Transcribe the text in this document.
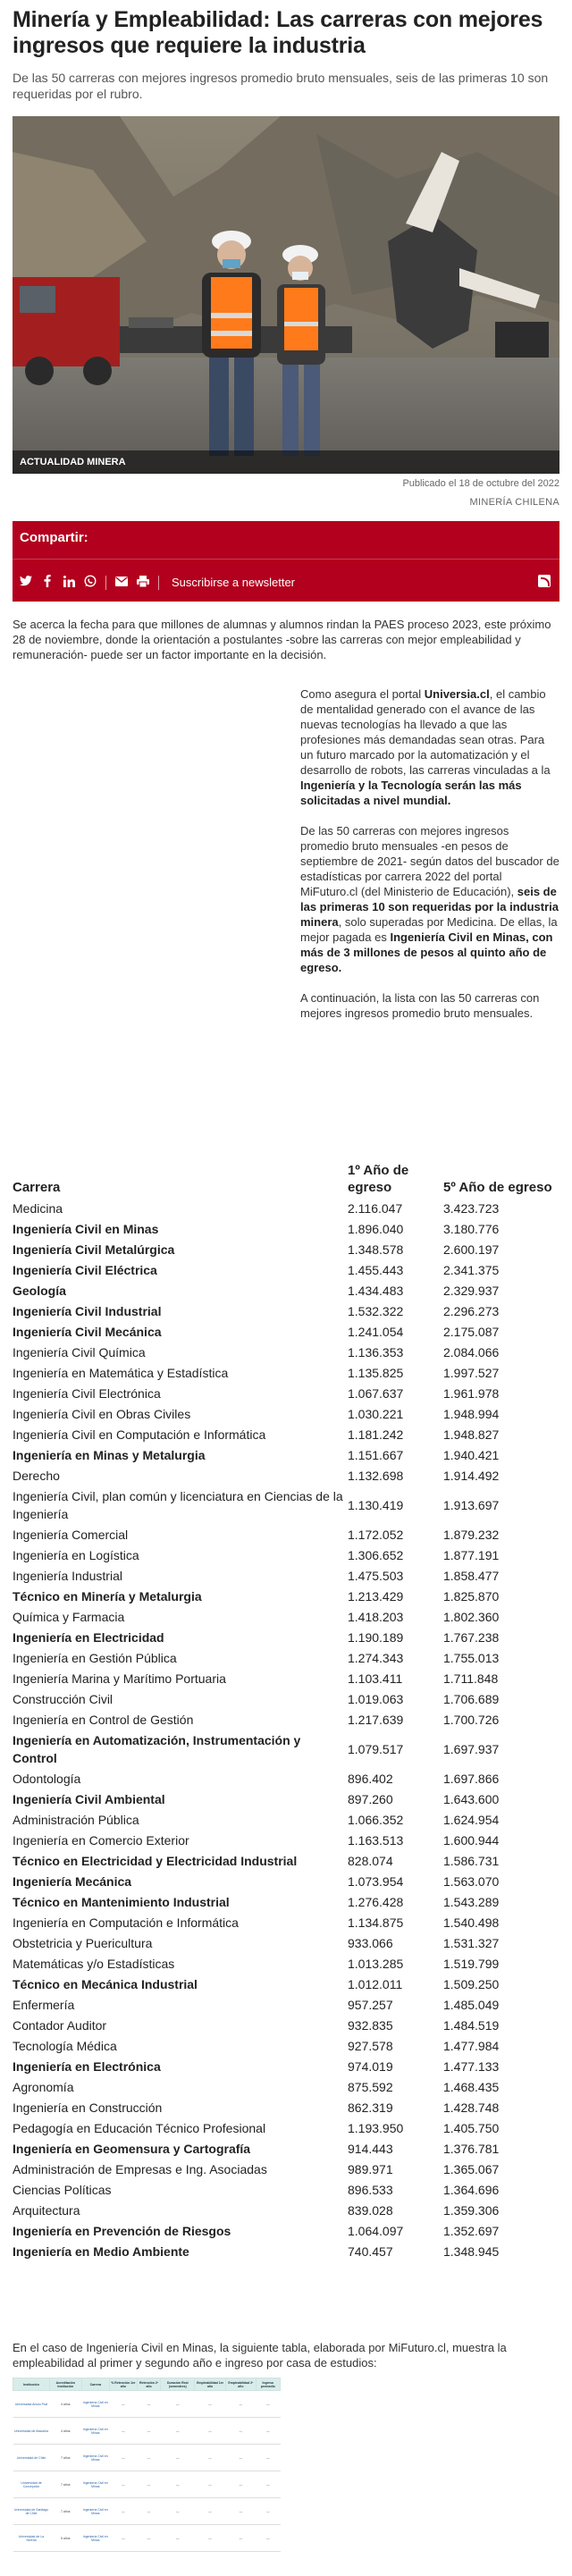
Minería y Empleabilidad: Las carreras con mejores ingresos que requiere la industria

De las 50 carreras con mejores ingresos promedio bruto mensuales, seis de las primeras 10 son requeridas por el rubro.

ACTUALIDAD MINERA
Publicado el 18 de octubre del 2022
MINERÍA CHILENA
Compartir:
Suscribirse a newsletter

Se acerca la fecha para que millones de alumnas y alumnos rindan la PAES proceso 2023, este próximo 28 de noviembre, donde la orientación a postulantes -sobre las carreras con mejor empleabilidad y remuneración- puede ser un factor importante en la decisión.

Como asegura el portal Universia.cl, el cambio de mentalidad generado con el avance de las nuevas tecnologías ha llevado a que las profesiones más demandadas sean otras. Para un futuro marcado por la automatización y el desarrollo de robots, las carreras vinculadas a la Ingeniería y la Tecnología serán las más solicitadas a nivel mundial.

De las 50 carreras con mejores ingresos promedio bruto mensuales -en pesos de septiembre de 2021- según datos del buscador de estadísticas por carrera 2022 del portal MiFuturo.cl (del Ministerio de Educación), seis de las primeras 10 son requeridas por la industria minera, solo superadas por Medicina. De ellas, la mejor pagada es Ingeniería Civil en Minas, con más de 3 millones de pesos al quinto año de egreso.

A continuación, la lista con las 50 carreras con mejores ingresos promedio bruto mensuales.

Carrera	1º Año de egreso	5º Año de egreso
Medicina	2.116.047	3.423.723
Ingeniería Civil en Minas	1.896.040	3.180.776
Ingeniería Civil Metalúrgica	1.348.578	2.600.197
Ingeniería Civil Eléctrica	1.455.443	2.341.375
Geología	1.434.483	2.329.937
Ingeniería Civil Industrial	1.532.322	2.296.273
Ingeniería Civil Mecánica	1.241.054	2.175.087
Ingeniería Civil Química	1.136.353	2.084.066
Ingeniería en Matemática y Estadística	1.135.825	1.997.527
Ingeniería Civil Electrónica	1.067.637	1.961.978
Ingeniería Civil en Obras Civiles	1.030.221	1.948.994
Ingeniería Civil en Computación e Informática	1.181.242	1.948.827
Ingeniería en Minas y Metalurgia	1.151.667	1.940.421
Derecho	1.132.698	1.914.492
Ingeniería Civil, plan común y licenciatura en Ciencias de la Ingeniería	1.130.419	1.913.697
Ingeniería Comercial	1.172.052	1.879.232
Ingeniería en Logística	1.306.652	1.877.191
Ingeniería Industrial	1.475.503	1.858.477
Técnico en Minería y Metalurgia	1.213.429	1.825.870
Química y Farmacia	1.418.203	1.802.360
Ingeniería en Electricidad	1.190.189	1.767.238
Ingeniería en Gestión Pública	1.274.343	1.755.013
Ingeniería Marina y Marítimo Portuaria	1.103.411	1.711.848
Construcción Civil	1.019.063	1.706.689
Ingeniería en Control de Gestión	1.217.639	1.700.726
Ingeniería en Automatización, Instrumentación y Control	1.079.517	1.697.937
Odontología	896.402	1.697.866
Ingeniería Civil Ambiental	897.260	1.643.600
Administración Pública	1.066.352	1.624.954
Ingeniería en Comercio Exterior	1.163.513	1.600.944
Técnico en Electricidad y Electricidad Industrial	828.074	1.586.731
Ingeniería Mecánica	1.073.954	1.563.070
Técnico en Mantenimiento Industrial	1.276.428	1.543.289
Ingeniería en Computación e Informática	1.134.875	1.540.498
Obstetricia y Puericultura	933.066	1.531.327
Matemáticas y/o Estadísticas	1.013.285	1.519.799
Técnico en Mecánica Industrial	1.012.011	1.509.250
Enfermería	957.257	1.485.049
Contador Auditor	932.835	1.484.519
Tecnología Médica	927.578	1.477.984
Ingeniería en Electrónica	974.019	1.477.133
Agronomía	875.592	1.468.435
Ingeniería en Construcción	862.319	1.428.748
Pedagogía en Educación Técnico Profesional	1.193.950	1.405.750
Ingeniería en Geomensura y Cartografía	914.443	1.376.781
Administración de Empresas e Ing. Asociadas	989.971	1.365.067
Ciencias Políticas	896.533	1.364.696
Arquitectura	839.028	1.359.306
Ingeniería en Prevención de Riesgos	1.064.097	1.352.697
Ingeniería en Medio Ambiente	740.457	1.348.945

En el caso de Ingeniería Civil en Minas, la siguiente tabla, elaborada por MiFuturo.cl, muestra la empleabilidad al primer y segundo año e ingreso por casa de estudios:

Institución	Acreditación Institución	Carrera	% Retención 1er año	Retención 2º año	Duración Real (semestres)	Empleabilidad 1er año	Empleabilidad 2º año	Ingreso promedio
Universidad Arturo Prat	4 años	Ingeniería Civil en Minas	—	—	—	—	—	—
Universidad de Atacama	4 años	Ingeniería Civil en Minas	—	—	—	—	—	—
Universidad de Chile	7 años	Ingeniería Civil en Minas	—	—	—	—	—	—
Universidad de Concepción	7 años	Ingeniería Civil en Minas	—	—	—	—	—	—
Universidad de Santiago de Chile	7 años	Ingeniería Civil en Minas	—	—	—	—	—	—
Universidad de La Serena	5 años	Ingeniería Civil en Minas	—	—	—	—	—	—
